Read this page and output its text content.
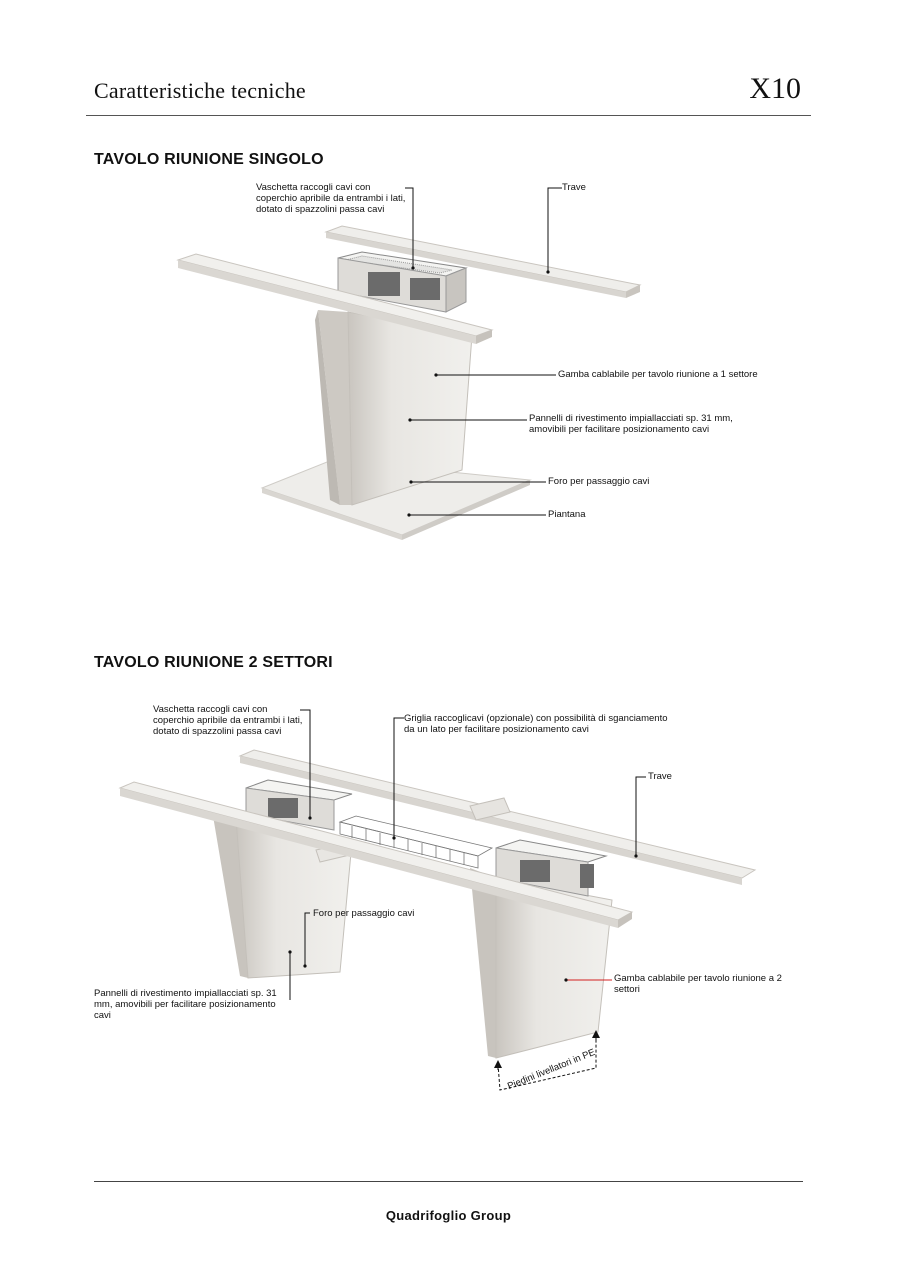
Caratteristiche tecniche	X10
TAVOLO RIUNIONE SINGOLO
Vaschetta raccogli cavi con coperchio apribile da entrambi i lati, dotato di spazzolini passa cavi
Trave
Gamba cablabile per tavolo riunione a 1 settore
Pannelli di rivestimento impiallacciati sp. 31 mm, amovibili per facilitare posizionamento cavi
Foro per passaggio cavi
Piantana
TAVOLO RIUNIONE 2 SETTORI
Vaschetta raccogli cavi con coperchio apribile da entrambi i lati, dotato di spazzolini passa cavi
Griglia raccoglicavi (opzionale) con possibilità di sganciamento da un lato per facilitare posizionamento cavi
Trave
Foro per passaggio cavi
Gamba cablabile per tavolo riunione a 2 settori
Pannelli di rivestimento impiallacciati sp. 31 mm, amovibili per facilitare posizionamento cavi
Piedini livellatori in PE
Quadrifoglio Group
